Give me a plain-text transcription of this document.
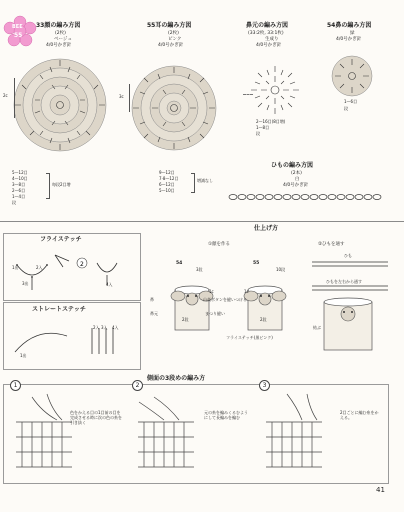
BEE
55
33顔の編み方図
(2枚)
ベージュ
4/0号かぎ針
55耳の編み方図
(2枚)
ピンク
4/0号かぎ針
鼻元の編み方図
(33:2枚, 33:1枚)
生成り
4/0号かぎ針
54鼻の編み方図
緑
4/0号かぎ針
2c
5—12目
4—10目
3—8目
2—6目
1—4目
段
毎段2目増
3c
9—12目
7·8—12目
6—12目
5—10目
増減なし
2—16目(8目増)
1—8目
段
1—6目
段
ひもの編み方図
(2本)
白
4/0号かぎ針
フライステッチ
2
1出	2入
3出	4入
ストレートステッチ
1出
2入 3入 4入
仕上げ方
①顔を作る	②ひもを通す
54	55
3段
鼻
鼻元
1c
2段
山高ボタンを縫いつける
まつり縫い
10段
1c
2段
フライステッチ(黒ピンク)
ひも
ひもを左右から通す
結ぶ
側面の3段めの編み方
1	2	3
色をかえる目の1目前の目を完成させる時に次の色の糸を引き抜く
元の糸を編みくるむようにして長編みを編む
2目ごとに編む糸をかえる。
41
